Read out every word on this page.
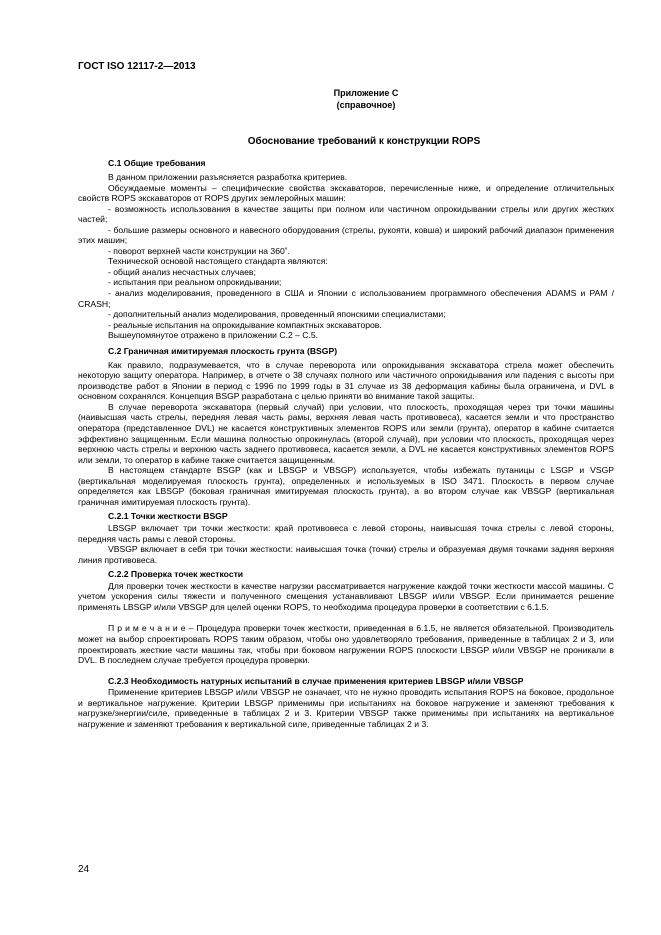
ГОСТ ISO 12117-2—2013
Приложение С
(справочное)
Обоснование требований к конструкции ROPS
С.1 Общие требования

В данном приложении разъясняется разработка критериев.

Обсуждаемые моменты – специфические свойства экскаваторов, перечисленные ниже, и определение отличительных свойств ROPS экскаваторов от ROPS других землеройных машин:

- возможность использования в качестве защиты при полном или частичном опрокидывании стрелы или других жестких частей;

- большие размеры основного и навесного оборудования (стрелы, рукояти, ковша) и широкий рабочий диапазон применения этих машин;

- поворот верхней части конструкции на 360˚.

Технической основой настоящего стандарта являются:

- общий анализ несчастных случаев;

- испытания при реальном опрокидывании;

- анализ моделирования, проведенного в США и Японии с использованием программного обеспечения ADAMS и PAM / CRASH;

- дополнительный анализ моделирования, проведенный японскими специалистами;

- реальные испытания на опрокидывание компактных экскаваторов.

Вышеупомянутое отражено в приложении С.2 – С.5.

С.2 Граничная имитируемая плоскость грунта (BSGP)

Как правило, подразумевается, что в случае переворота или опрокидывания экскаватора стрела может обеспечить некоторую защиту оператора. Например, в отчете о 38 случаях полного или частичного опрокидывания или падения с высоты при производстве работ в Японии в период с 1996 по 1999 годы в 31 случае из 38 деформация кабины была ограничена, и DVL в основном сохранялся. Концепция BSGP разработана с целью приняти во внимание такой защиты.

В случае переворота экскаватора (первый случай) при условии, что плоскость, проходящая через три точки машины (наивысшая часть стрелы, передняя левая часть рамы, верхняя левая часть противовеса), касается земли и что пространство оператора (представленное DVL) не касается конструктивных элементов ROPS или земли (грунта), оператор в кабине считается эффективно защищенным. Если машина полностью опрокинулась (второй случай), при условии что плоскость, проходящая через верхнюю часть стрелы и верхнюю часть заднего противовеса, касается земли, а DVL не касается конструктивных элементов ROPS или земли, то оператор в кабине также считается защищенным.

В настоящем стандарте BSGP (как и LBSGP и VBSGP) используется, чтобы избежать путаницы с LSGP и VSGP (вертикальная моделируемая плоскость грунта), определенных и используемых в ISO 3471. Плоскость в первом случае определяется как LBSGP (боковая граничная имитируемая плоскость грунта), а во втором случае как VBSGP (вертикальная граничная имитируемая плоскость грунта).

С.2.1 Точки жесткости BSGP

LBSGP включает три точки жесткости: край противовеса с левой стороны, наивысшая точка стрелы с левой стороны, передняя часть рамы с левой стороны.

VBSGP включает в себя три точки жесткости: наивысшая точка (точки) стрелы и образуемая двумя точками задняя верхняя линия противовеса.

С.2.2 Проверка точек жесткости

Для проверки точек жесткости в качестве нагрузки рассматривается нагружение каждой точки жесткости массой машины. С учетом ускорения силы тяжести и полученного смещения устанавливают LBSGP и/или VBSGP. Если принимается решение применять LBSGP и/или VBSGP для целей оценки ROPS, то необходима процедура проверки в соответствии с 6.1.5.

П р и м е ч а н и е – Процедура проверки точек жесткости, приведенная в 6.1.5, не является обязательной. Производитель может на выбор спроектировать ROPS таким образом, чтобы оно удовлетворяло требования, приведенные в таблицах 2 и 3, или проектировать жесткие части машины так, чтобы при боковом нагружении ROPS плоскости LBSGP и/или VBSGP не проникали в DVL. В последнем случае требуется процедура проверки.

С.2.3 Необходимость натурных испытаний в случае применения критериев LBSGP и/или VBSGP

Применение критериев LBSGP и/или VBSGP не означает, что не нужно проводить испытания ROPS на боковое, продольное и вертикальное нагружение. Критерии LBSGP применимы при испытаниях на боковое нагружение и заменяют требования к нагрузке/энергии/силе, приведенные в таблицах 2 и 3. Критерии VBSGP также применимы при испытаниях на вертикальное нагружение и заменяют требования к вертикальной силе, приведенные таблицах 2 и 3.

24
